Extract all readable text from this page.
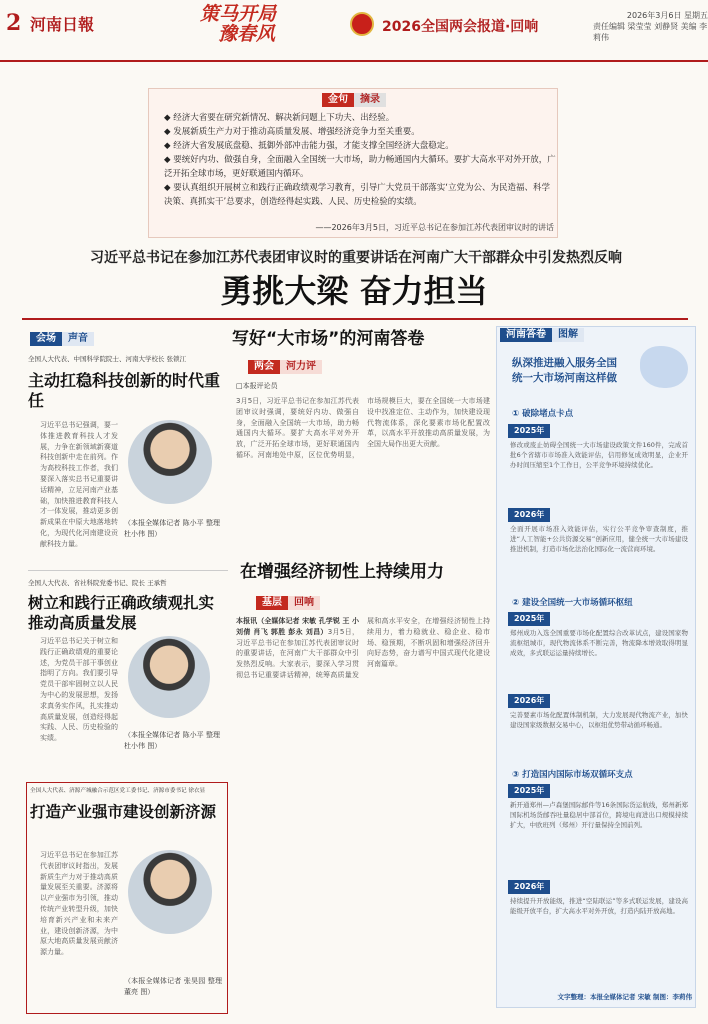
2 河南日報	策马开局
豫春风	2026全国两会报道·回响
2026年3月6日 星期五
责任编辑 梁莹莹 刘静贤 美编 李莉伟
金句	摘录
◆ 经济大省要在研究新情况、解决新问题上下功夫、出经验。
◆ 发展新质生产力对于推动高质量发展、增强经济竞争力至关重要。
◆ 经济大省发展底盘稳、抵御外部冲击能力强，才能支撑全国经济大盘稳定。
◆ 要统好内功、做强自身，全面融入全国统一大市场，助力畅通国内大循环。要扩大高水平对外开放，广泛开拓全球市场，更好联通国内循环。
◆ 要认真组织开展树立和践行正确政绩观学习教育，引导广大党员干部落实‘立党为公、为民造福、科学决策、真抓实干’总要求，创造经得起实践、人民、历史检验的实绩。
——2026年3月5日，习近平总书记在参加江苏代表团审议时的讲话
习近平总书记在参加江苏代表团审议时的重要讲话在河南广大干部群众中引发热烈反响
勇挑大梁 奋力担当
会场	声音
全国人大代表、中国科学院院士、河南大学校长 张锁江
主动扛稳科技创新的时代重任
习近平总书记强调，要一体推进教育科技人才发展，力争在新领域新赛道科技创新中走在前列。作为高校科技工作者，我们要深入落实总书记重要讲话精神，立足河南产业基础，加快推进教育科技人才一体发展，推动更多创新成果在中原大地落地转化，为现代化河南建设贡献科技力量。
（本报全媒体记者 陈小平 整理 杜小伟 图）
全国人大代表、省社科院党委书记、院长 王承哲
树立和践行正确政绩观扎实推动高质量发展
习近平总书记关于树立和践行正确政绩观的重要论述，为党员干部干事创业指明了方向。我们要引导党员干部牢固树立以人民为中心的发展思想，发扬求真务实作风，扎实推动高质量发展，创造经得起实践、人民、历史检验的实绩。	（本报全媒体记者 陈小平 整理 杜小伟 图）
全国人大代表、济源产城融合示范区党工委书记、济源市委书记 徐衣显
打造产业强市建设创新济源
习近平总书记在参加江苏代表团审议时指出，发展新质生产力对于推动高质量发展至关重要。济源将以产业强市为引领，推动传统产业转型升级，加快培育新兴产业和未来产业，建设创新济源，为中原大地高质量发展贡献济源力量。
（本报全媒体记者 张昊园 整理 董亮 图）
写好“大市场”的河南答卷
两会	河力评
□本报评论员
3月5日，习近平总书记在参加江苏代表团审议时强调，要统好内功、做强自身，全面融入全国统一大市场，助力畅通国内大循环。要扩大高水平对外开放，广泛开拓全球市场，更好联通国内循环。河南地处中原，区位优势明显，市场规模巨大，要在全国统一大市场建设中找准定位、主动作为，加快建设现代物流体系，深化要素市场化配置改革，以高水平开放推动高质量发展，为全国大局作出更大贡献。
在增强经济韧性上持续用力
基层	回响
本报讯（全媒体记者 宋敏 孔学锐 王 小 刘倩 肖飞 郭胜 彭永 刘昌）3月5日，习近平总书记在参加江苏代表团审议时的重要讲话，在河南广大干部群众中引发热烈反响。大家表示，要深入学习贯彻总书记重要讲话精神，统筹高质量发展和高水平安全，在增强经济韧性上持续用力，着力稳就业、稳企业、稳市场、稳预期，不断巩固和增强经济回升向好态势，奋力谱写中国式现代化建设河南篇章。
河南答卷	图解
纵深推进融入服务全国统一大市场河南这样做
① 破除堵点卡点
2025年
修改或废止妨碍全国统一大市场建设政策文件160件，完成首批6个省辖市市场准入效能评估，信用修复成效明显，企业开办时间压缩至1个工作日，公平竞争环境持续优化。
2026年
全面开展市场准入效能评估，实行公平竞争审查制度，推进“人工智能+公共资源交易”创新应用，健全统一大市场建设推进机制，打造市场化法治化国际化一流营商环境。
② 建设全国统一大市场循环枢纽
2025年
郑州成功入选全国重要市场化配置综合改革试点，建设国家物流枢纽城市，现代物流体系不断完善，物流降本增效取得明显成效，多式联运运量持续增长。
2026年
完善要素市场化配置体制机制，大力发展现代物流产业，加快建设国家级数据交易中心，以枢纽优势带动循环畅通。
③ 打造国内国际市场双循环支点
2025年
新开通郑州—卢森堡国际邮件等16条国际货运航线，郑州新郑国际机场货邮吞吐量稳居中部首位，跨境电商进出口规模持续扩大，中欧班列（郑州）开行量保持全国前列。
2026年
持续提升开放能级，推进“空陆联运”等多式联运发展，建设高能级开放平台，扩大高水平对外开放，打造内陆开放高地。
文字整理：本报全媒体记者 宋敏 制图：李莉伟
